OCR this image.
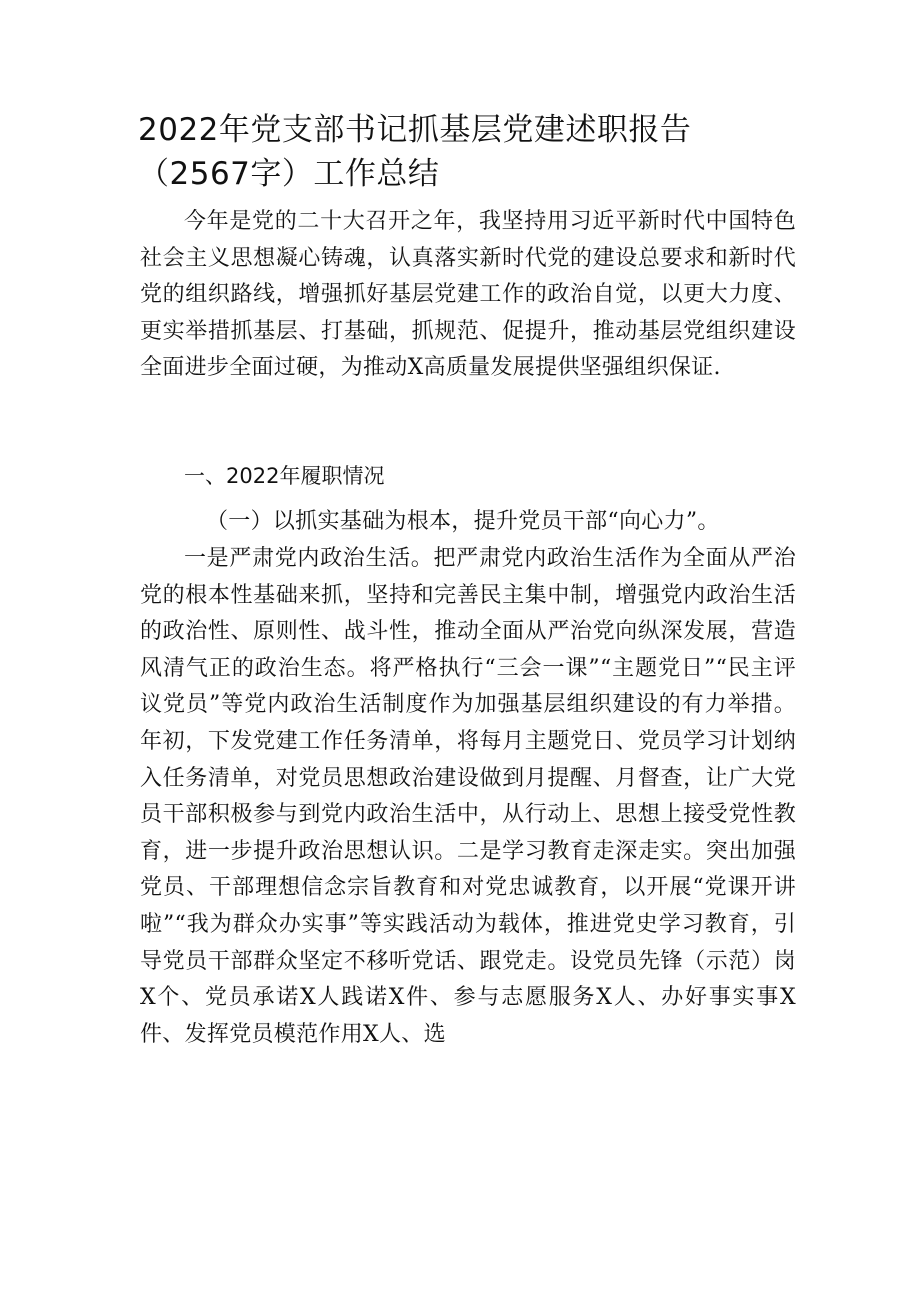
2022年党支部书记抓基层党建述职报告（2567字）工作总结

今年是党的二十大召开之年，我坚持用习近平新时代中国特色社会主义思想凝心铸魂，认真落实新时代党的建设总要求和新时代党的组织路线，增强抓好基层党建工作的政治自觉，以更大力度、更实举措抓基层、打基础，抓规范、促提升，推动基层党组织建设全面进步全面过硬，为推动X高质量发展提供坚强组织保证.

一、2022年履职情况

（一）以抓实基础为根本，提升党员干部“向心力”。

一是严肃党内政治生活。把严肃党内政治生活作为全面从严治党的根本性基础来抓，坚持和完善民主集中制，增强党内政治生活的政治性、原则性、战斗性，推动全面从严治党向纵深发展，营造风清气正的政治生态。将严格执行“三会一课”“主题党日”“民主评议党员”等党内政治生活制度作为加强基层组织建设的有力举措。年初，下发党建工作任务清单，将每月主题党日、党员学习计划纳入任务清单，对党员思想政治建设做到月提醒、月督查，让广大党员干部积极参与到党内政治生活中，从行动上、思想上接受党性教育，进一步提升政治思想认识。二是学习教育走深走实。突出加强党员、干部理想信念宗旨教育和对党忠诚教育，以开展“党课开讲啦”“我为群众办实事”等实践活动为载体，推进党史学习教育，引导党员干部群众坚定不移听党话、跟党走。设党员先锋（示范）岗X个、党员承诺X人践诺X件、参与志愿服务X人、办好事实事X件、发挥党员模范作用X人、选
